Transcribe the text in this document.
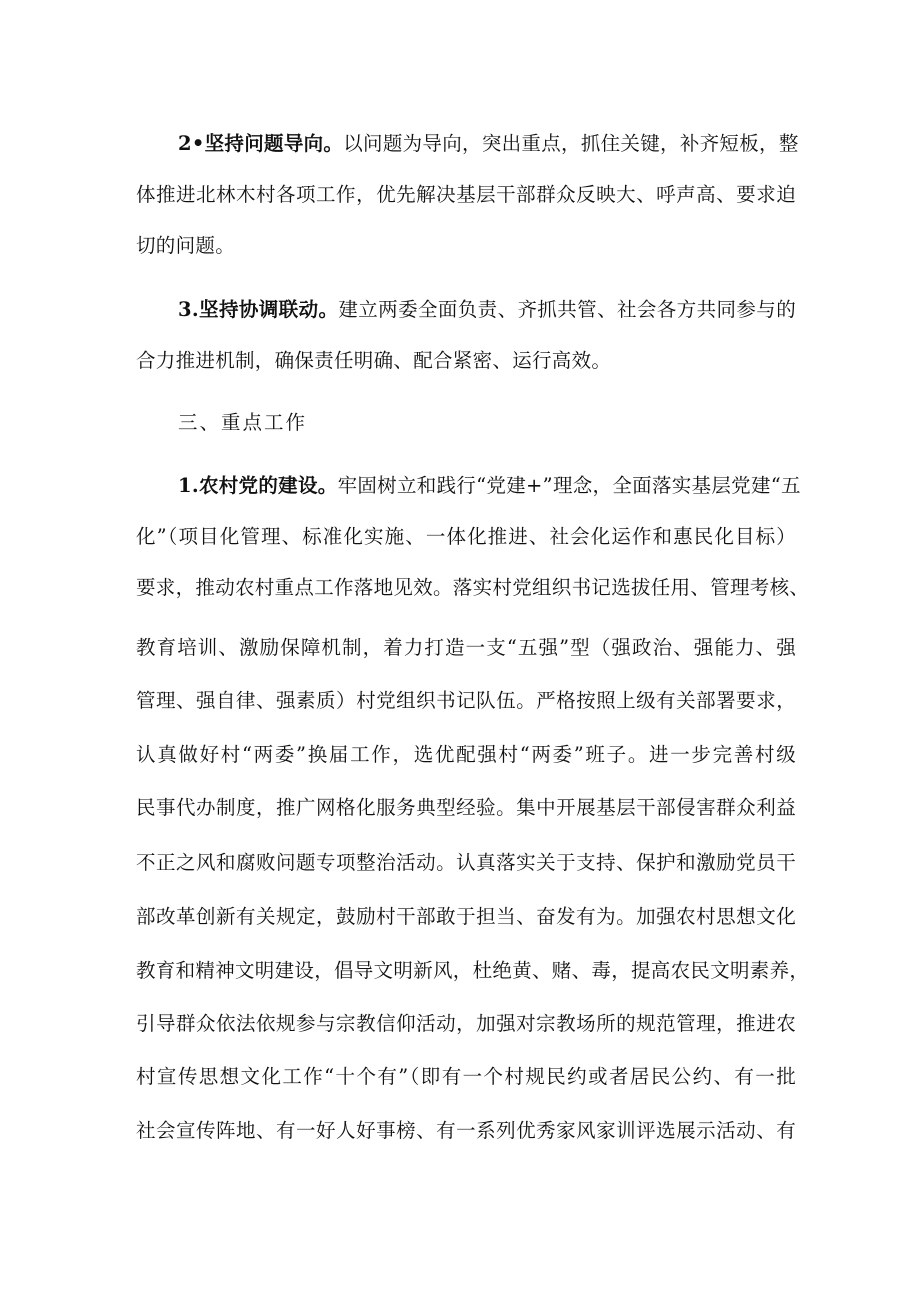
2•坚持问题导向。以问题为导向，突出重点，抓住关键，补齐短板，整
体推进北林木村各项工作，优先解决基层干部群众反映大、呼声高、要求迫
切的问题。
3.坚持协调联动。建立两委全面负责、齐抓共管、社会各方共同参与的
合力推进机制，确保责任明确、配合紧密、运行高效。
三、重点工作
1.农村党的建设。牢固树立和践行“党建+”理念，全面落实基层党建“五
化”（项目化管理、标准化实施、一体化推进、社会化运作和惠民化目标）
要求，推动农村重点工作落地见效。落实村党组织书记选拔任用、管理考核、
教育培训、激励保障机制，着力打造一支“五强”型（强政治、强能力、强
管理、强自律、强素质）村党组织书记队伍。严格按照上级有关部署要求，
认真做好村“两委”换届工作，选优配强村“两委”班子。进一步完善村级
民事代办制度，推广网格化服务典型经验。集中开展基层干部侵害群众利益
不正之风和腐败问题专项整治活动。认真落实关于支持、保护和激励党员干
部改革创新有关规定，鼓励村干部敢于担当、奋发有为。加强农村思想文化
教育和精神文明建设，倡导文明新风，杜绝黄、赌、毒，提高农民文明素养，
引导群众依法依规参与宗教信仰活动，加强对宗教场所的规范管理，推进农
村宣传思想文化工作“十个有”（即有一个村规民约或者居民公约、有一批
社会宣传阵地、有一好人好事榜、有一系列优秀家风家训评选展示活动、有
